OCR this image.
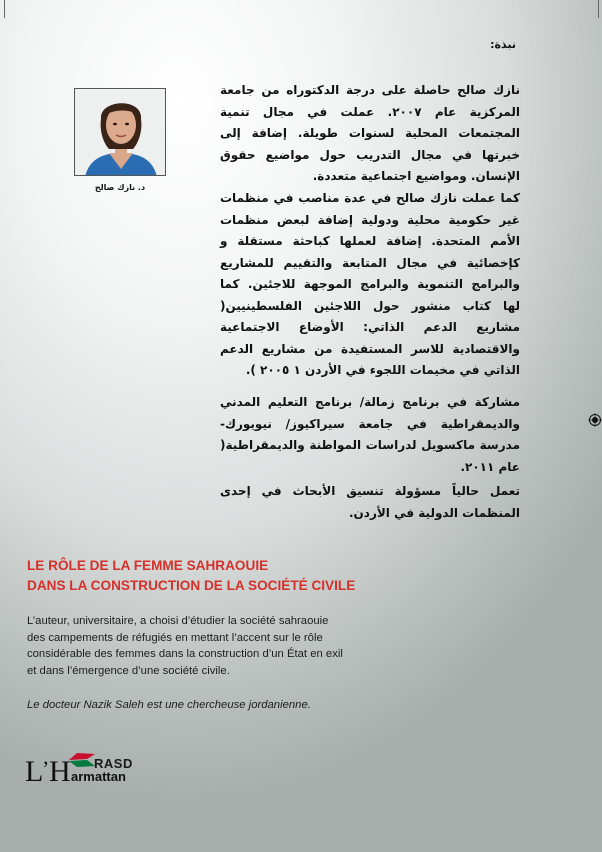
نبذة:
د. نازك صالح

نازك صالح حاصلة على درجة الدكتوراه من جامعة المركزية عام ٢٠٠٧. عملت في مجال تنمية المجتمعات المحلية لسنوات طويلة. إضافة إلى خبرتها في مجال التدريب حول مواضيع حقوق الإنسان. ومواضيع اجتماعية متعددة.

كما عملت نازك صالح في عدة مناصب في منظمات غير حكومية محلية ودولية إضافة لبعض منظمات الأمم المتحدة. إضافة لعملها كباحثة مستقلة و كإخصائية في مجال المتابعة والتقييم للمشاريع والبرامج التنموية والبرامج الموجهة للاجئين. كما لها كتاب منشور حول اللاجئين الفلسطينيين( مشاريع الدعم الذاتي: الأوضاع الاجتماعية والاقتصادية للاسر المستفيدة من مشاريع الدعم الذاتي في مخيمات اللجوء في الأردن ١ ٢٠٠٥ ).

مشاركة في برنامج زمالة/ برنامج التعليم المدني والديمقراطية في جامعة سيراكيوز/ نيويورك- مدرسة ماكسويل لدراسات المواطنة والديمقراطية( عام ٢٠١١.

تعمل حالياً مسؤولة تنسيق الأبحاث في إحدى المنظمات الدولية في الأردن.

LE RÔLE DE LA FEMME SAHRAOUIE
DANS LA CONSTRUCTION DE LA SOCIÉTÉ CIVILE
L’auteur, universitaire, a choisi d’étudier la société sahraouie
des campements de réfugiés en mettant l’accent sur le rôle
considérable des femmes dans la construction d’un État en exil
et dans l’émergence d’une société civile.

Le docteur Nazik Saleh est une chercheuse jordanienne.

L
’ H RASD
armattan
